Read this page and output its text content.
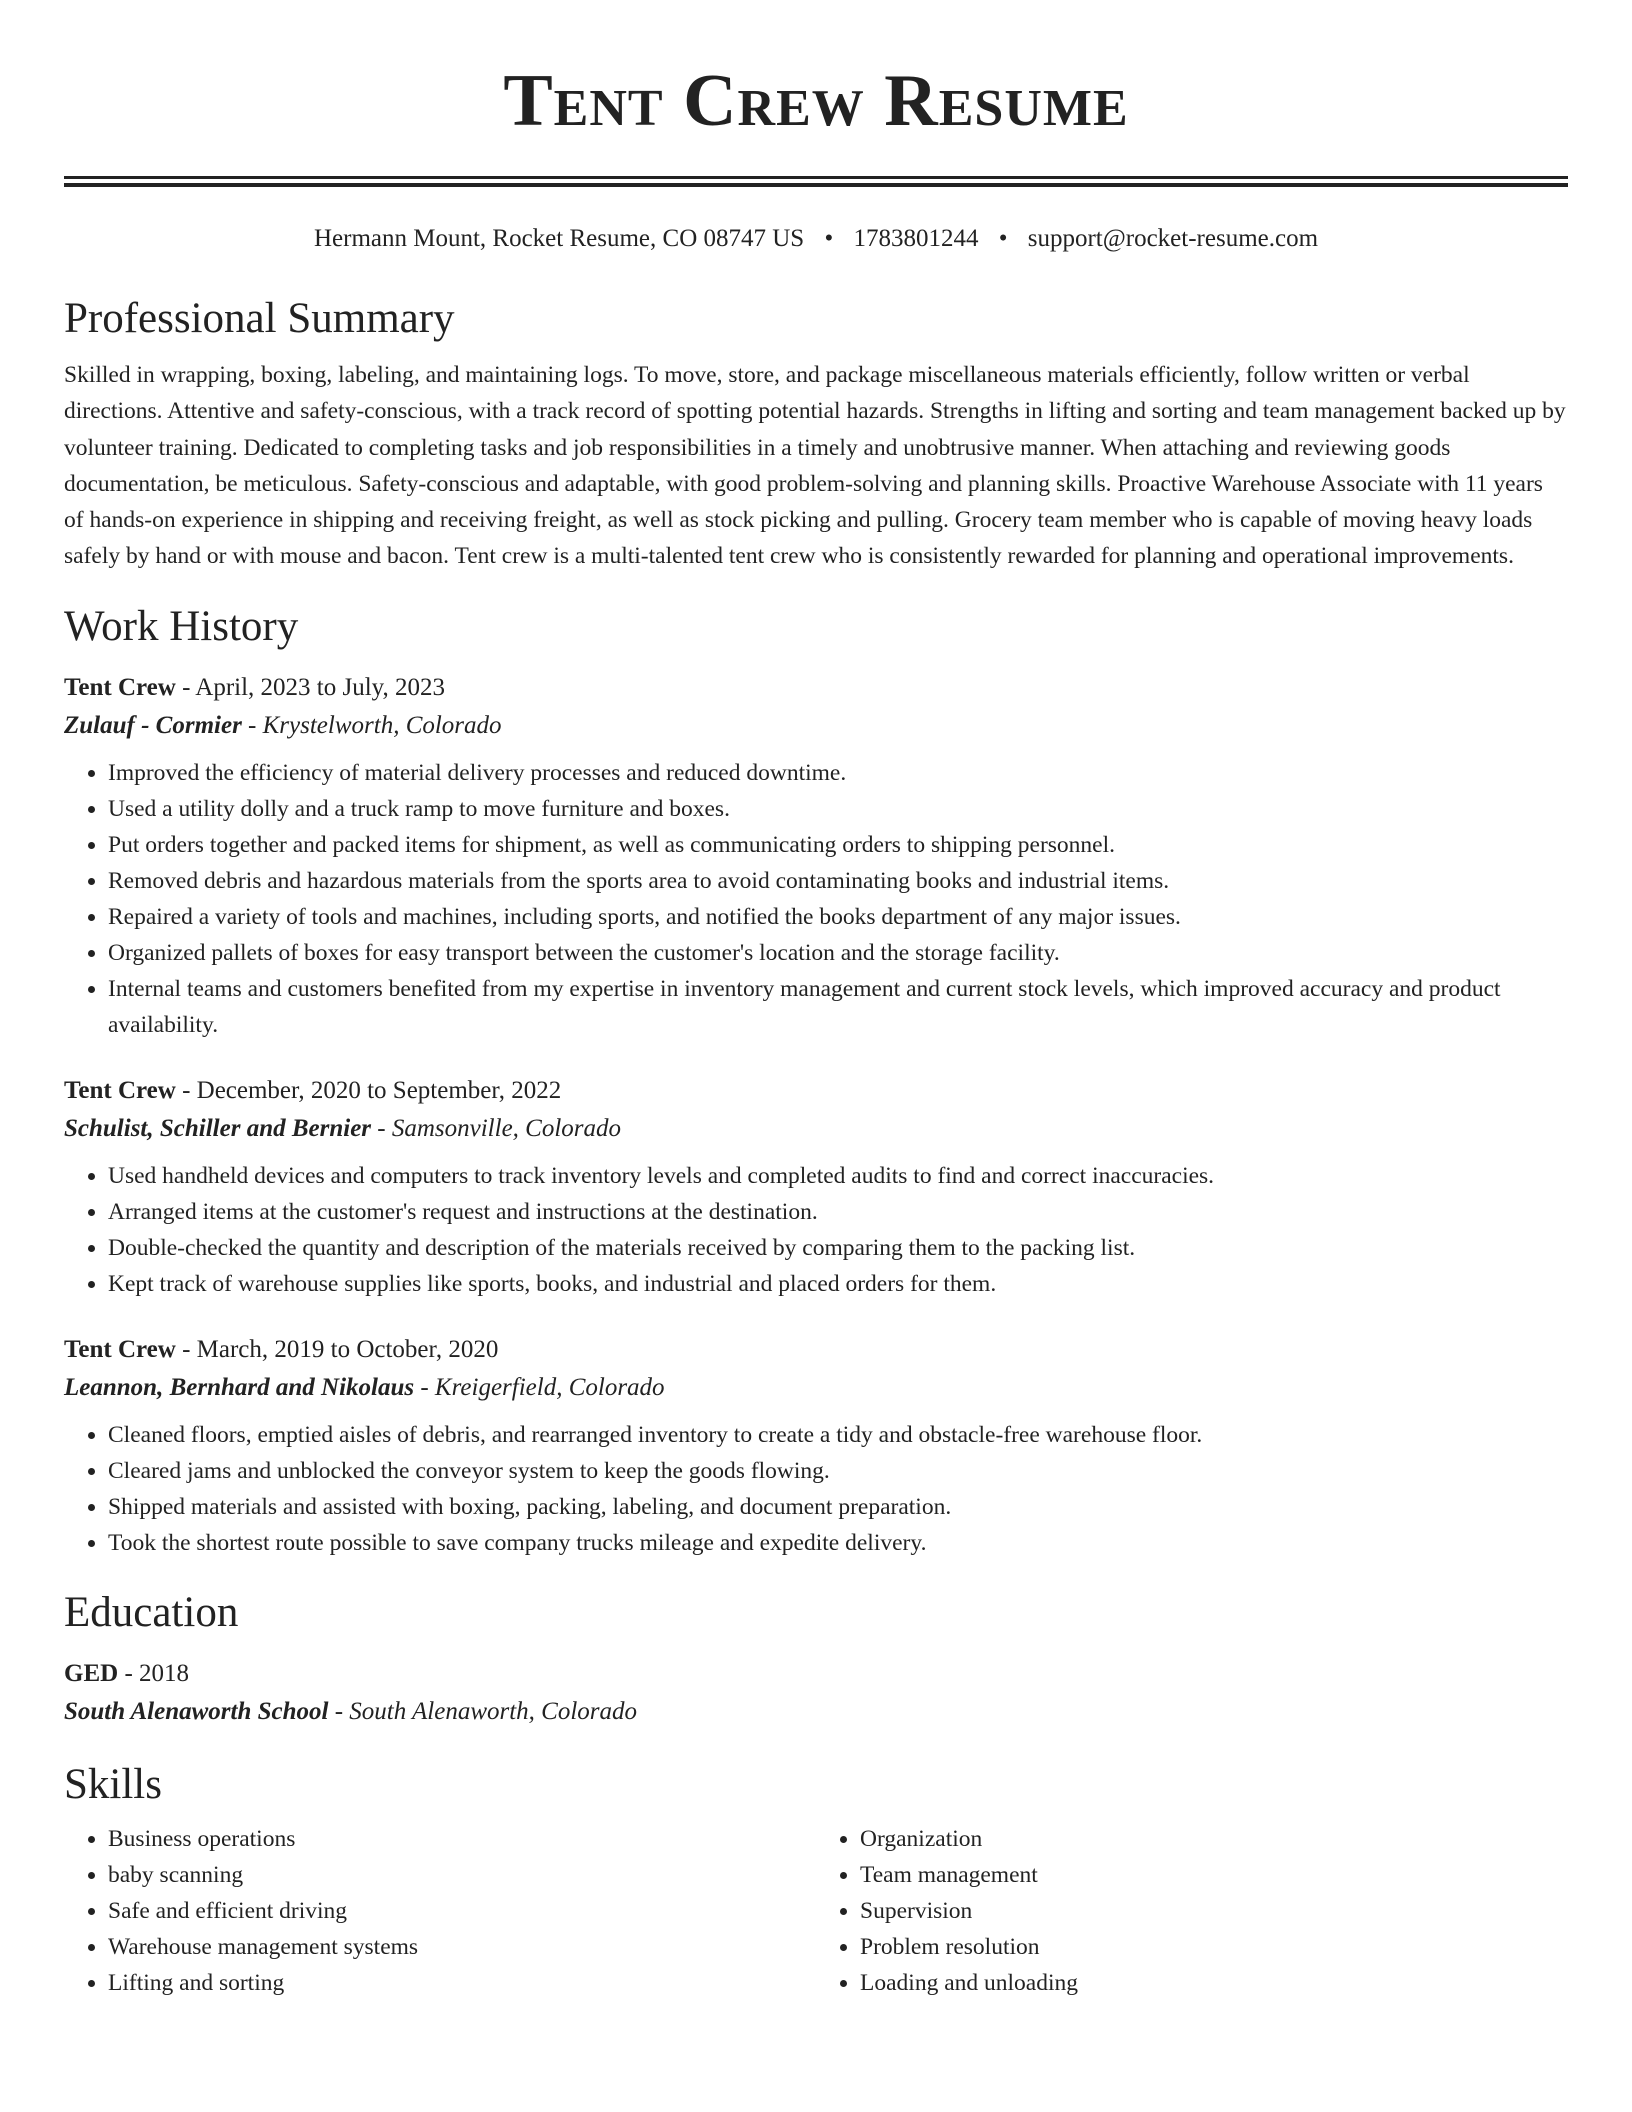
Tent Crew Resume
Hermann Mount, Rocket Resume, CO 08747 US • 1783801244 • support@rocket-resume.com
Professional Summary

Skilled in wrapping, boxing, labeling, and maintaining logs. To move, store, and package miscellaneous materials efficiently, follow written or verbal directions. Attentive and safety-conscious, with a track record of spotting potential hazards. Strengths in lifting and sorting and team management backed up by volunteer training. Dedicated to completing tasks and job responsibilities in a timely and unobtrusive manner. When attaching and reviewing goods documentation, be meticulous. Safety-conscious and adaptable, with good problem-solving and planning skills. Proactive Warehouse Associate with 11 years of hands-on experience in shipping and receiving freight, as well as stock picking and pulling. Grocery team member who is capable of moving heavy loads safely by hand or with mouse and bacon. Tent crew is a multi-talented tent crew who is consistently rewarded for planning and operational improvements.

Work History
Tent Crew - April, 2023 to July, 2023
Zulauf - Cormier - Krystelworth, Colorado
• Improved the efficiency of material delivery processes and reduced downtime.
• Used a utility dolly and a truck ramp to move furniture and boxes.
• Put orders together and packed items for shipment, as well as communicating orders to shipping personnel.
• Removed debris and hazardous materials from the sports area to avoid contaminating books and industrial items.
• Repaired a variety of tools and machines, including sports, and notified the books department of any major issues.
• Organized pallets of boxes for easy transport between the customer's location and the storage facility.
• Internal teams and customers benefited from my expertise in inventory management and current stock levels, which improved accuracy and product availability.
Tent Crew - December, 2020 to September, 2022
Schulist, Schiller and Bernier - Samsonville, Colorado
• Used handheld devices and computers to track inventory levels and completed audits to find and correct inaccuracies.
• Arranged items at the customer's request and instructions at the destination.
• Double-checked the quantity and description of the materials received by comparing them to the packing list.
• Kept track of warehouse supplies like sports, books, and industrial and placed orders for them.
Tent Crew - March, 2019 to October, 2020
Leannon, Bernhard and Nikolaus - Kreigerfield, Colorado
• Cleaned floors, emptied aisles of debris, and rearranged inventory to create a tidy and obstacle-free warehouse floor.
• Cleared jams and unblocked the conveyor system to keep the goods flowing.
• Shipped materials and assisted with boxing, packing, labeling, and document preparation.
• Took the shortest route possible to save company trucks mileage and expedite delivery.
Education
GED - 2018
South Alenaworth School - South Alenaworth, Colorado
Skills
• Business operations
• baby scanning
• Safe and efficient driving
• Warehouse management systems
• Lifting and sorting
• Organization
• Team management
• Supervision
• Problem resolution
• Loading and unloading
